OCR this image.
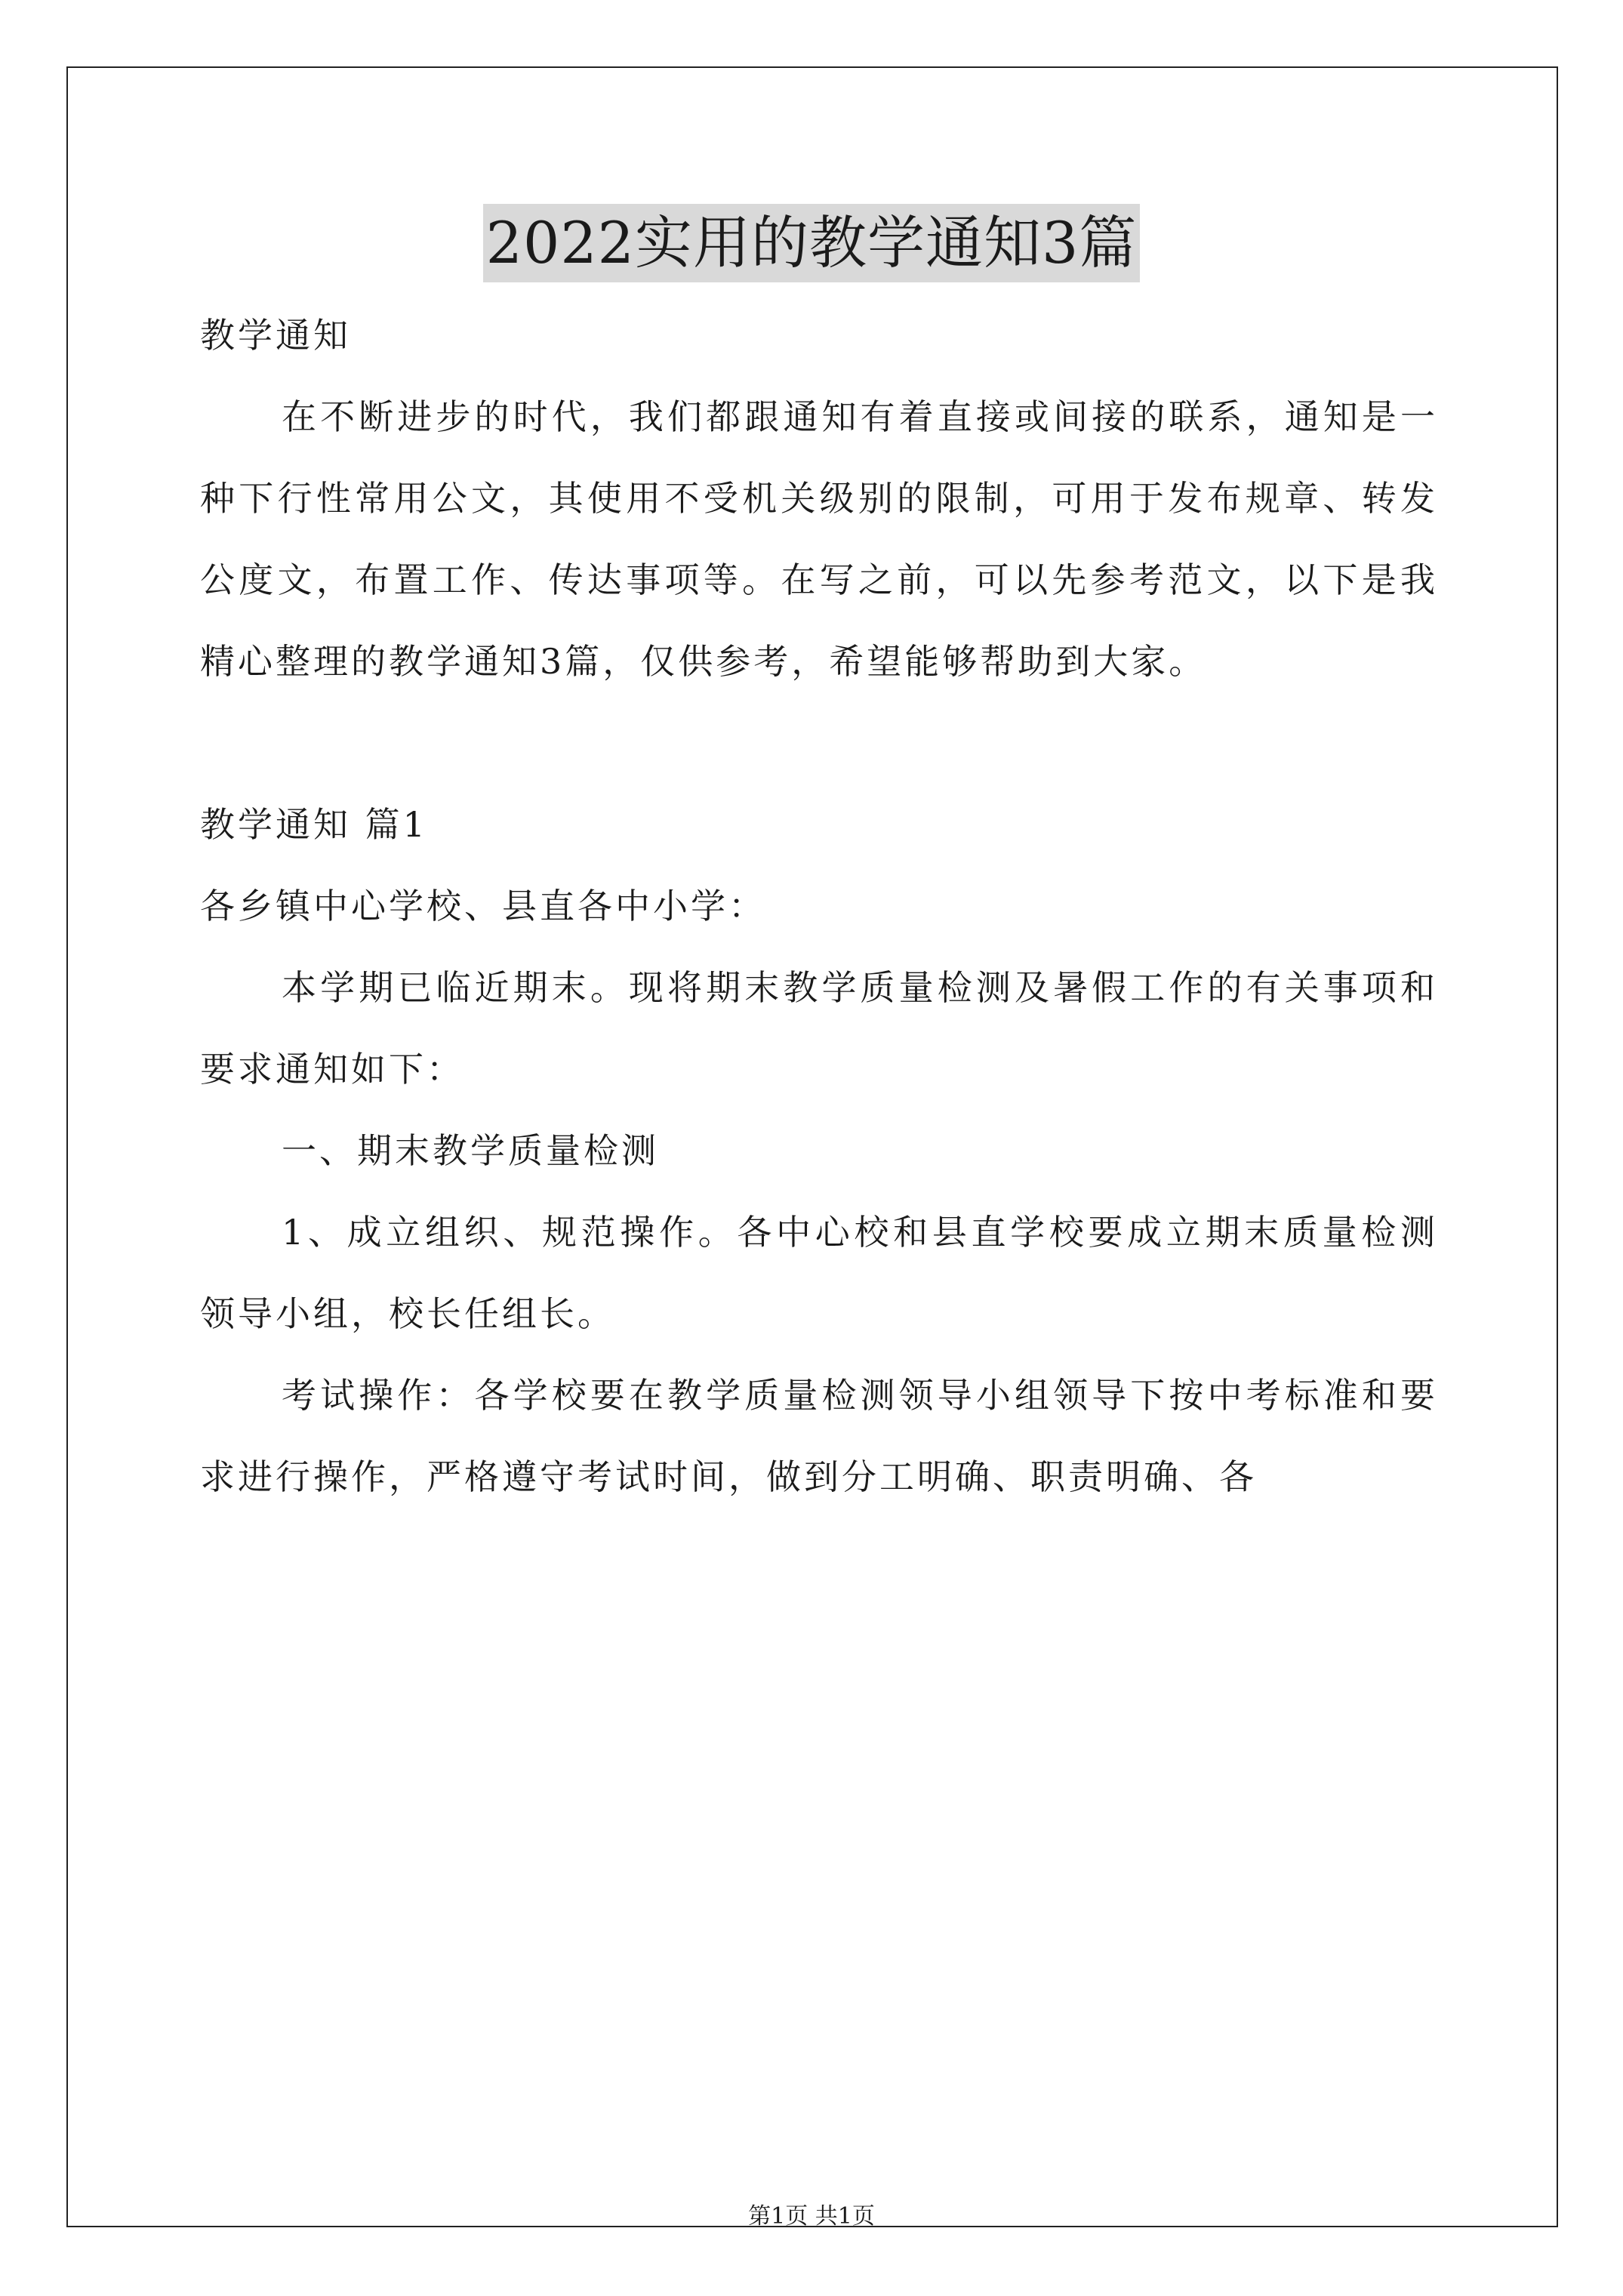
2022实用的教学通知3篇

教学通知

在不断进步的时代，我们都跟通知有着直接或间接的联系，通知是一种下行性常用公文，其使用不受机关级别的限制，可用于发布规章、转发公度文，布置工作、传达事项等。在写之前，可以先参考范文，以下是我精心整理的教学通知3篇，仅供参考，希望能够帮助到大家。

教学通知 篇1

各乡镇中心学校、县直各中小学：

本学期已临近期末。现将期末教学质量检测及暑假工作的有关事项和要求通知如下：

一、期末教学质量检测

1、成立组织、规范操作。各中心校和县直学校要成立期末质量检测领导小组，校长任组长。

考试操作：各学校要在教学质量检测领导小组领导下按中考标准和要求进行操作，严格遵守考试时间，做到分工明确、职责明确、各

第1页 共1页
